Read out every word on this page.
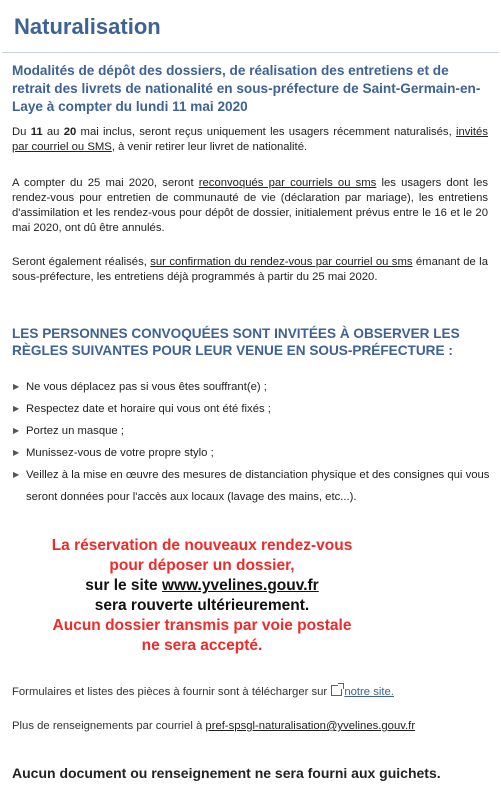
Naturalisation
Modalités de dépôt des dossiers, de réalisation des entretiens et de retrait des livrets de nationalité en sous-préfecture de Saint-Germain-en-Laye à compter du lundi 11 mai 2020
Du 11 au 20 mai inclus, seront reçus uniquement les usagers récemment naturalisés, invités par courriel ou SMS, à venir retirer leur livret de nationalité.
A compter du 25 mai 2020, seront reconvoqués par courriels ou sms les usagers dont les rendez-vous pour entretien de communauté de vie (déclaration par mariage), les entretiens d'assimilation et les rendez-vous pour dépôt de dossier, initialement prévus entre le 16 et le 20 mai 2020, ont dû être annulés.
Seront également réalisés, sur confirmation du rendez-vous par courriel ou sms émanant de la sous-préfecture, les entretiens déjà programmés à partir du 25 mai 2020.
LES PERSONNES CONVOQUÉES SONT INVITÉES À OBSERVER LES RÈGLES SUIVANTES POUR LEUR VENUE EN SOUS-PRÉFECTURE :
▶ Ne vous déplacez pas si vous êtes souffrant(e) ;
▶ Respectez date et horaire qui vous ont été fixés ;
▶ Portez un masque ;
▶ Munissez-vous de votre propre stylo ;
▶ Veillez à la mise en œuvre des mesures de distanciation physique et des consignes qui vous seront données pour l'accès aux locaux (lavage des mains, etc...).
La réservation de nouveaux rendez-vous
pour déposer un dossier,
sur le site www.yvelines.gouv.fr
sera rouverte ultérieurement.
Aucun dossier transmis par voie postale
ne sera accepté.
Formulaires et listes des pièces à fournir sont à télécharger sur notre site.
Plus de renseignements par courriel à pref-spsgl-naturalisation@yvelines.gouv.fr
Aucun document ou renseignement ne sera fourni aux guichets.
